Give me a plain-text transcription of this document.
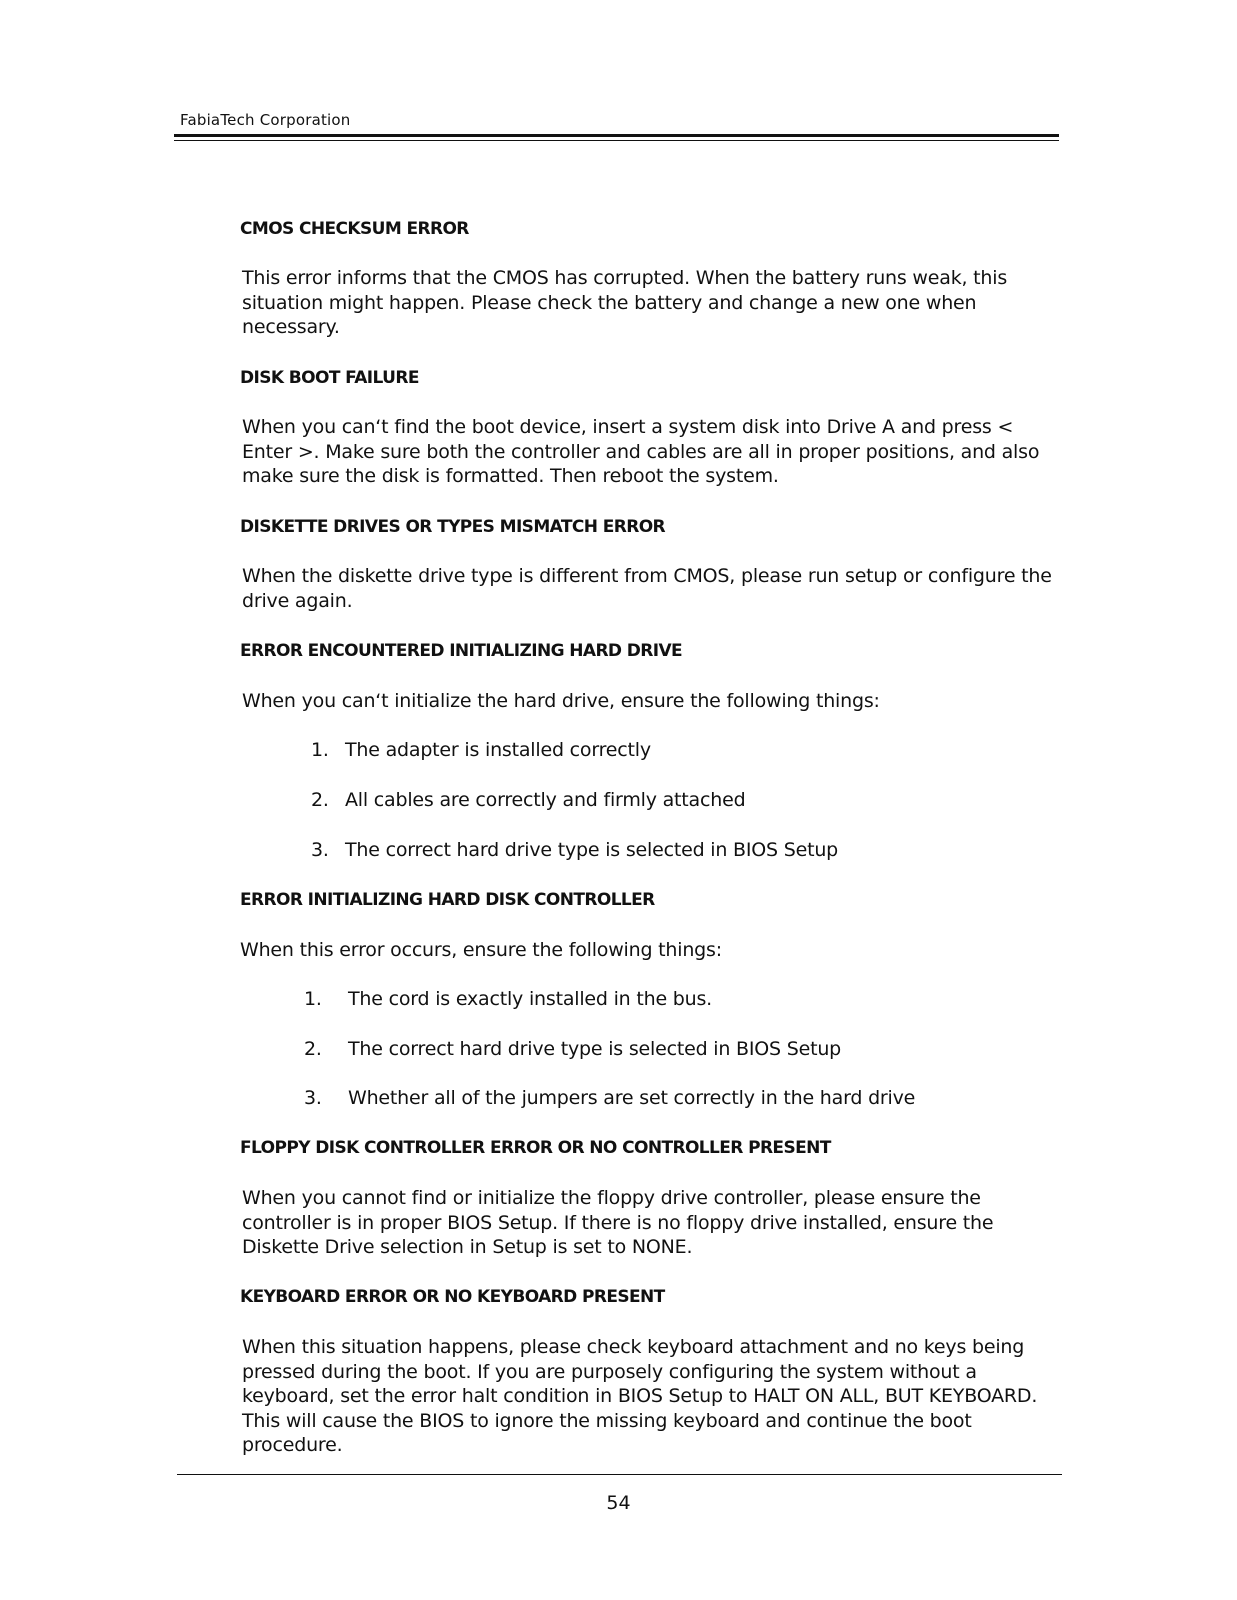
FabiaTech Corporation
CMOS CHECKSUM ERROR
This error informs that the CMOS has corrupted. When the battery runs weak, this situation might happen. Please check the battery and change a new one when necessary.
DISK BOOT FAILURE
When you can‘t find the boot device, insert a system disk into Drive A and press < Enter >. Make sure both the controller and cables are all in proper positions, and also make sure the disk is formatted. Then reboot the system.
DISKETTE DRIVES OR TYPES MISMATCH ERROR
When the diskette drive type is different from CMOS, please run setup or configure the drive again.
ERROR ENCOUNTERED INITIALIZING HARD DRIVE
When you can‘t initialize the hard drive, ensure the following things:
1. The adapter is installed correctly
2. All cables are correctly and firmly attached
3. The correct hard drive type is selected in BIOS Setup
ERROR INITIALIZING HARD DISK CONTROLLER
When this error occurs, ensure the following things:
1. The cord is exactly installed in the bus.
2. The correct hard drive type is selected in BIOS Setup
3. Whether all of the jumpers are set correctly in the hard drive
FLOPPY DISK CONTROLLER ERROR OR NO CONTROLLER PRESENT
When you cannot find or initialize the floppy drive controller, please ensure the controller is in proper BIOS Setup. If there is no floppy drive installed, ensure the Diskette Drive selection in Setup is set to NONE.
KEYBOARD ERROR OR NO KEYBOARD PRESENT
When this situation happens, please check keyboard attachment and no keys being pressed during the boot. If you are purposely configuring the system without a keyboard, set the error halt condition in BIOS Setup to HALT ON ALL, BUT KEYBOARD. This will cause the BIOS to ignore the missing keyboard and continue the boot procedure.
54
